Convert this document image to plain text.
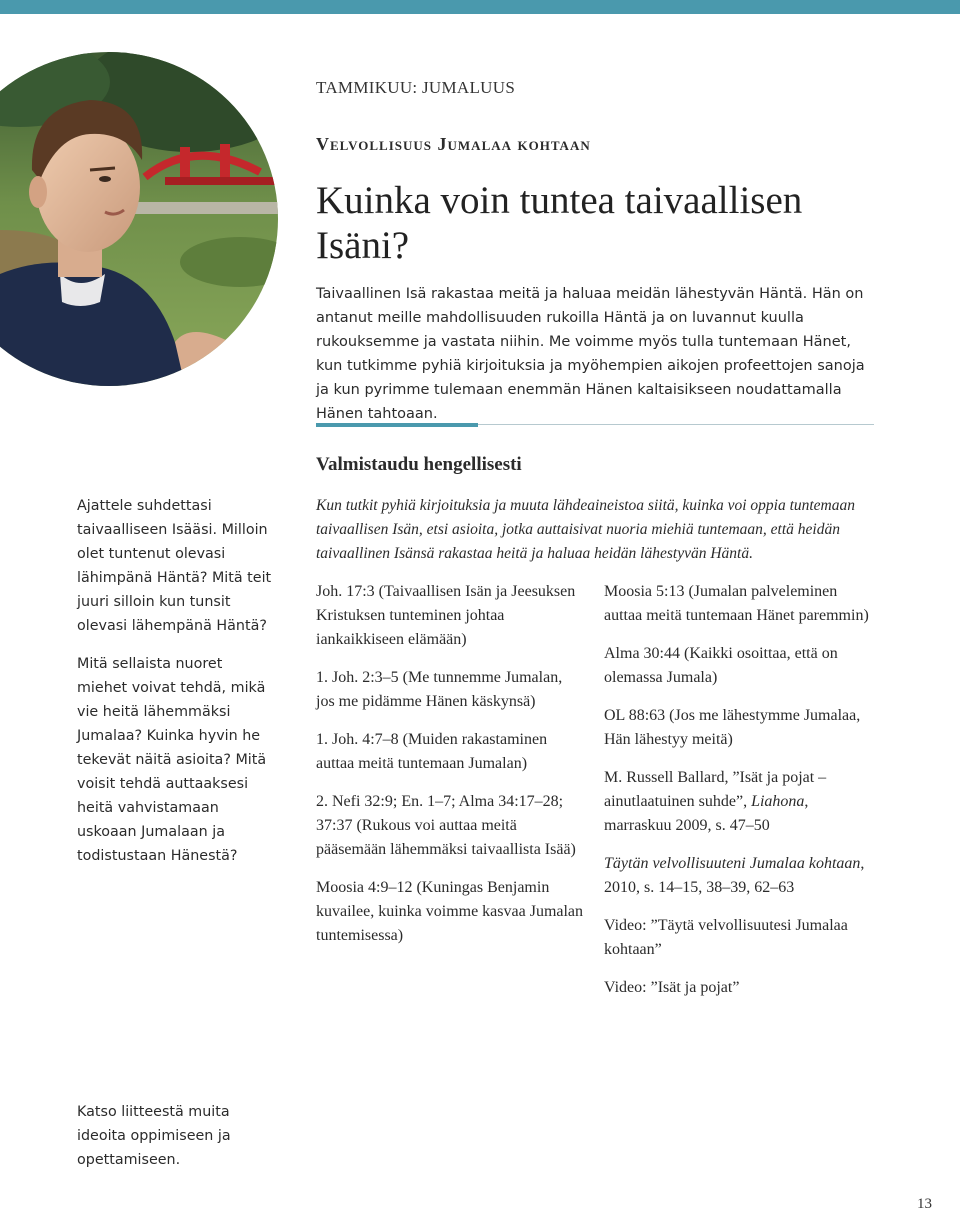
TAMMIKUU: JUMALUUS
Velvollisuus Jumalaa kohtaan
Kuinka voin tuntea taivaallisen Isäni?

Taivaallinen Isä rakastaa meitä ja haluaa meidän lähestyvän Häntä. Hän on antanut meille mahdollisuuden rukoilla Häntä ja on luvannut kuulla rukouksemme ja vastata niihin. Me voimme myös tulla tuntemaan Hänet, kun tutkimme pyhiä kirjoituksia ja myöhempien aikojen profeettojen sanoja ja kun pyrimme tulemaan enemmän Hänen kaltaisikseen noudattamalla Hänen tahtoaan.

Valmistaudu hengellisesti

Ajattele suhdettasi taivaalliseen Isääsi. Milloin olet tuntenut olevasi lähimpänä Häntä? Mitä teit juuri silloin kun tunsit olevasi lähempänä Häntä?

Mitä sellaista nuoret miehet voivat tehdä, mikä vie heitä lähemmäksi Jumalaa? Kuinka hyvin he tekevät näitä asioita? Mitä voisit tehdä auttaaksesi heitä vahvistamaan uskoaan Jumalaan ja todistustaan Hänestä?

Kun tutkit pyhiä kirjoituksia ja muuta lähdeaineistoa siitä, kuinka voi oppia tuntemaan taivaallisen Isän, etsi asioita, jotka auttaisivat nuoria miehiä tuntemaan, että heidän taivaallinen Isänsä rakastaa heitä ja haluaa heidän lähestyvän Häntä.

Joh. 17:3 (Taivaallisen Isän ja Jeesuksen Kristuksen tunteminen johtaa iankaikkiseen elämään)

1. Joh. 2:3–5 (Me tunnemme Jumalan, jos me pidämme Hänen käskynsä)

1. Joh. 4:7–8 (Muiden rakastaminen auttaa meitä tuntemaan Jumalan)

2. Nefi 32:9; En. 1–7; Alma 34:17–28; 37:37 (Rukous voi auttaa meitä pääsemään lähemmäksi taivaallista Isää)

Moosia 4:9–12 (Kuningas Benjamin kuvailee, kuinka voimme kasvaa Jumalan tuntemisessa)

Moosia 5:13 (Jumalan palveleminen auttaa meitä tuntemaan Hänet paremmin)

Alma 30:44 (Kaikki osoittaa, että on olemassa Jumala)

OL 88:63 (Jos me lähestymme Jumalaa, Hän lähestyy meitä)

M. Russell Ballard, ”Isät ja pojat – ainutlaatuinen suhde”, Liahona, marraskuu 2009, s. 47–50

Täytän velvollisuuteni Jumalaa kohtaan, 2010, s. 14–15, 38–39, 62–63

Video: ”Täytä velvollisuutesi Jumalaa kohtaan”

Video: ”Isät ja pojat”

Katso liitteestä muita ideoita oppimiseen ja opettamiseen.

13
